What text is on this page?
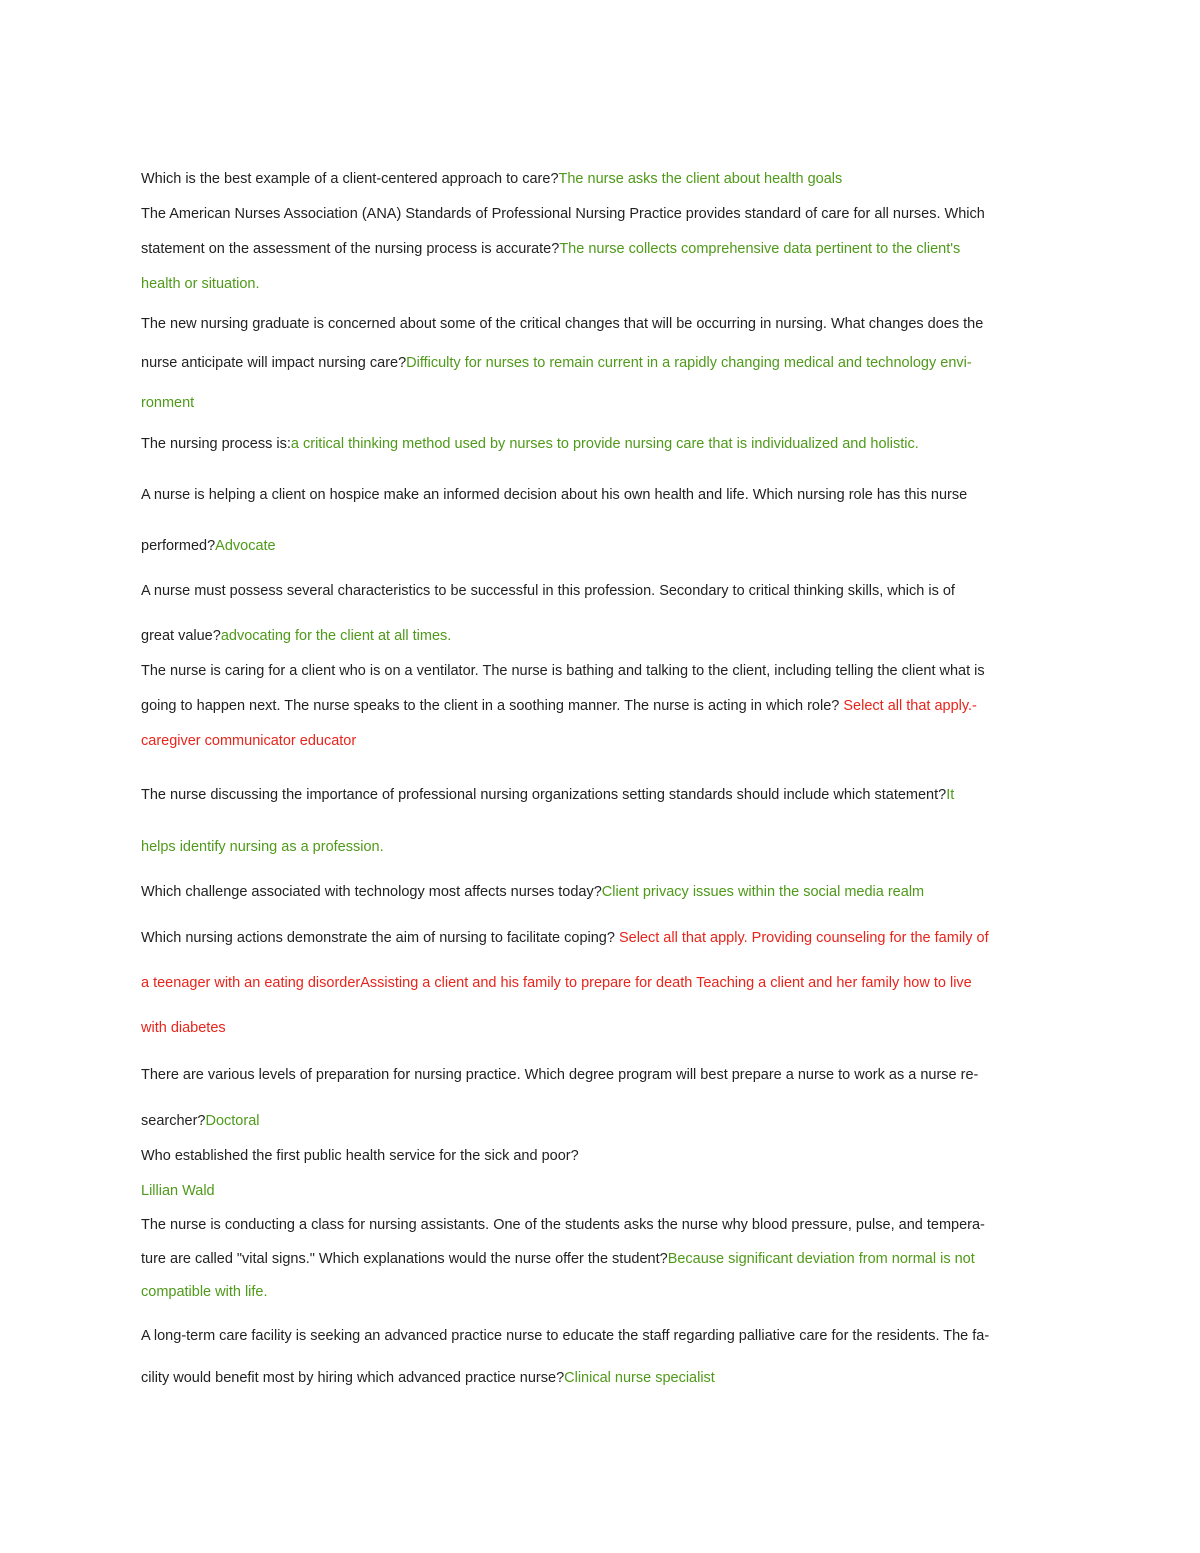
Which is the best example of a client-centered approach to care?The nurse asks the client about health goals
The American Nurses Association (ANA) Standards of Professional Nursing Practice provides standard of care for all nurses. Which
statement on the assessment of the nursing process is accurate?The nurse collects comprehensive data pertinent to the client's
health or situation.
The new nursing graduate is concerned about some of the critical changes that will be occurring in nursing. What changes does the
nurse anticipate will impact nursing care?Difficulty for nurses to remain current in a rapidly changing medical and technology envi-
ronment
The nursing process is:a critical thinking method used by nurses to provide nursing care that is individualized and holistic.
A nurse is helping a client on hospice make an informed decision about his own health and life. Which nursing role has this nurse
performed?Advocate
A nurse must possess several characteristics to be successful in this profession. Secondary to critical thinking skills, which is of
great value?advocating for the client at all times.
The nurse is caring for a client who is on a ventilator. The nurse is bathing and talking to the client, including telling the client what is
going to happen next. The nurse speaks to the client in a soothing manner. The nurse is acting in which role? Select all that apply.-
caregiver communicator educator
The nurse discussing the importance of professional nursing organizations setting standards should include which statement?It
helps identify nursing as a profession.
Which challenge associated with technology most affects nurses today?Client privacy issues within the social media realm
Which nursing actions demonstrate the aim of nursing to facilitate coping? Select all that apply. Providing counseling for the family of
a teenager with an eating disorderAssisting a client and his family to prepare for death Teaching a client and her family how to live
with diabetes
There are various levels of preparation for nursing practice. Which degree program will best prepare a nurse to work as a nurse re-
searcher?Doctoral
Who established the first public health service for the sick and poor?
Lillian Wald
The nurse is conducting a class for nursing assistants. One of the students asks the nurse why blood pressure, pulse, and tempera-
ture are called "vital signs." Which explanations would the nurse offer the student?Because significant deviation from normal is not
compatible with life.
A long-term care facility is seeking an advanced practice nurse to educate the staff regarding palliative care for the residents. The fa-
cility would benefit most by hiring which advanced practice nurse?Clinical nurse specialist
